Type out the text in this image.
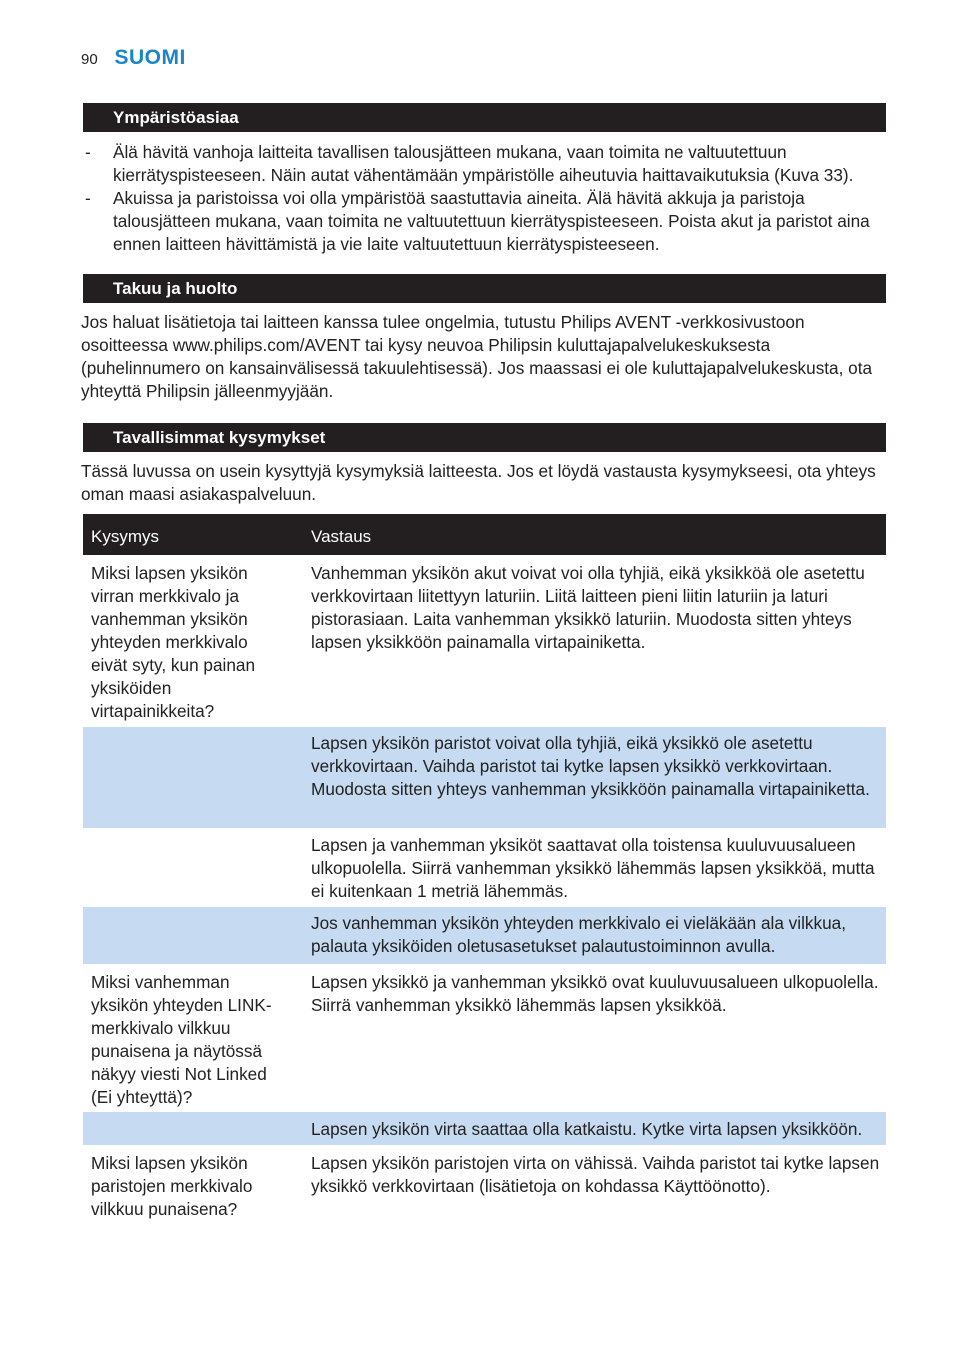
90 SUOMI
Ympäristöasiaa
- Älä hävitä vanhoja laitteita tavallisen talousjätteen mukana, vaan toimita ne valtuutettuun kierrätyspisteeseen. Näin autat vähentämään ympäristölle aiheutuvia haittavaikutuksia (Kuva 33).
- Akuissa ja paristoissa voi olla ympäristöä saastuttavia aineita. Älä hävitä akkuja ja paristoja talousjätteen mukana, vaan toimita ne valtuutettuun kierrätyspisteeseen. Poista akut ja paristot aina ennen laitteen hävittämistä ja vie laite valtuutettuun kierrätyspisteeseen.
Takuu ja huolto

Jos haluat lisätietoja tai laitteen kanssa tulee ongelmia, tutustu Philips AVENT -verkkosivustoon osoitteessa www.philips.com/AVENT tai kysy neuvoa Philipsin kuluttajapalvelukeskuksesta (puhelinnumero on kansainvälisessä takuulehtisessä). Jos maassasi ei ole kuluttajapalvelukeskusta, ota yhteyttä Philipsin jälleenmyyjään.

Tavallisimmat kysymykset

Tässä luvussa on usein kysyttyjä kysymyksiä laitteesta. Jos et löydä vastausta kysymykseesi, ota yhteys oman maasi asiakaspalveluun.

Kysymys	Vastaus
Miksi lapsen yksikön virran merkkivalo ja vanhemman yksikön yhteyden merkkivalo eivät syty, kun painan yksiköiden virtapainikkeita?
Vanhemman yksikön akut voivat voi olla tyhjiä, eikä yksikköä ole asetettu verkkovirtaan liitettyyn laturiin. Liitä laitteen pieni liitin laturiin ja laturi pistorasiaan. Laita vanhemman yksikkö laturiin. Muodosta sitten yhteys lapsen yksikköön painamalla virtapainiketta.
Lapsen yksikön paristot voivat olla tyhjiä, eikä yksikkö ole asetettu verkkovirtaan. Vaihda paristot tai kytke lapsen yksikkö verkkovirtaan. Muodosta sitten yhteys vanhemman yksikköön painamalla virtapainiketta.
Lapsen ja vanhemman yksiköt saattavat olla toistensa kuuluvuusalueen ulkopuolella. Siirrä vanhemman yksikkö lähemmäs lapsen yksikköä, mutta ei kuitenkaan 1 metriä lähemmäs.
Jos vanhemman yksikön yhteyden merkkivalo ei vieläkään ala vilkkua, palauta yksiköiden oletusasetukset palautustoiminnon avulla.
Miksi vanhemman yksikön yhteyden LINK-merkkivalo vilkkuu punaisena ja näytössä näkyy viesti Not Linked (Ei yhteyttä)?
Lapsen yksikkö ja vanhemman yksikkö ovat kuuluvuusalueen ulkopuolella. Siirrä vanhemman yksikkö lähemmäs lapsen yksikköä.
Lapsen yksikön virta saattaa olla katkaistu. Kytke virta lapsen yksikköön.
Miksi lapsen yksikön paristojen merkkivalo vilkkuu punaisena?
Lapsen yksikön paristojen virta on vähissä. Vaihda paristot tai kytke lapsen yksikkö verkkovirtaan (lisätietoja on kohdassa Käyttöönotto).
